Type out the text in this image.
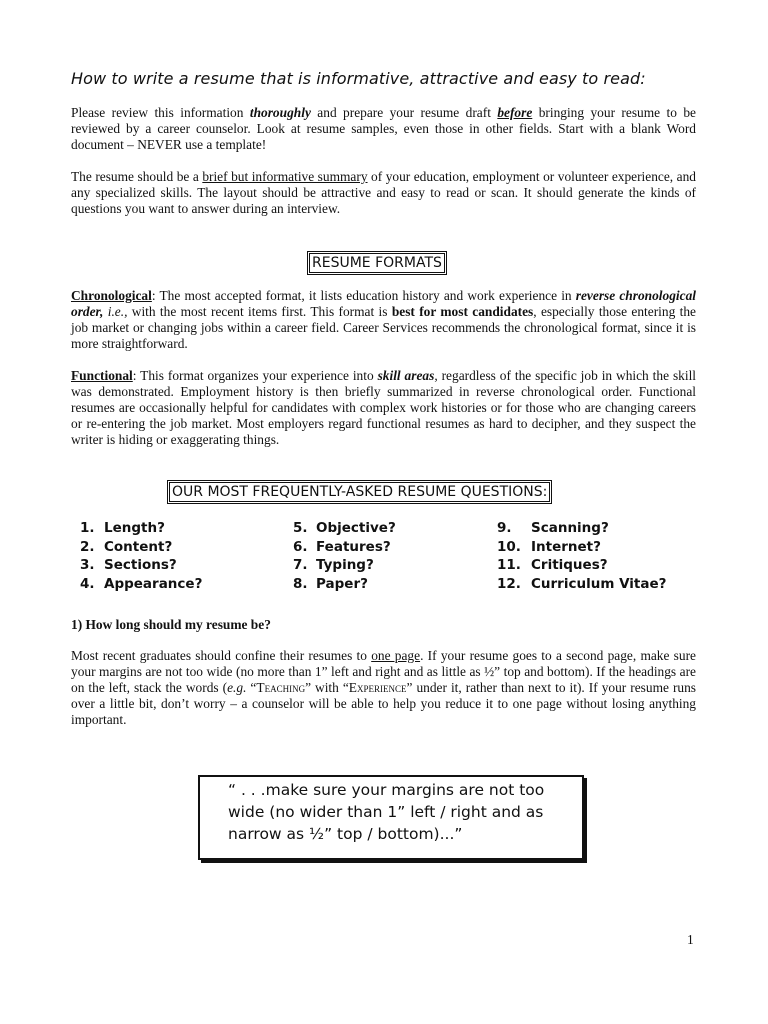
How to write a resume that is informative, attractive and easy to read:

Please review this information thoroughly and prepare your resume draft before bringing your resume to be reviewed by a career counselor. Look at resume samples, even those in other fields. Start with a blank Word document – NEVER use a template!

The resume should be a brief but informative summary of your education, employment or volunteer experience, and any specialized skills. The layout should be attractive and easy to read or scan. It should generate the kinds of questions you want to answer during an interview.

RESUME FORMATS

Chronological: The most accepted format, it lists education history and work experience in reverse chronological order, i.e., with the most recent items first. This format is best for most candidates, especially those entering the job market or changing jobs within a career field. Career Services recommends the chronological format, since it is more straightforward.

Functional: This format organizes your experience into skill areas, regardless of the specific job in which the skill was demonstrated. Employment history is then briefly summarized in reverse chronological order. Functional resumes are occasionally helpful for candidates with complex work histories or for those who are changing careers or re-entering the job market. Most employers regard functional resumes as hard to decipher, and they suspect the writer is hiding or exaggerating things.

OUR MOST FREQUENTLY-ASKED RESUME QUESTIONS:
1. Length?
2. Content?
3. Sections?
4. Appearance?
5. Objective?
6. Features?
7. Typing?
8. Paper?
9. Scanning?
10. Internet?
11. Critiques?
12. Curriculum Vitae?
1) How long should my resume be?

Most recent graduates should confine their resumes to one page. If your resume goes to a second page, make sure your margins are not too wide (no more than 1” left and right and as little as ½” top and bottom). If the headings are on the left, stack the words (e.g. “Teaching” with “Experience” under it, rather than next to it). If your resume runs over a little bit, don’t worry – a counselor will be able to help you reduce it to one page without losing anything important.

“ . . .make sure your margins are not too wide (no wider than 1” left / right and as narrow as ½” top / bottom)...”

1
